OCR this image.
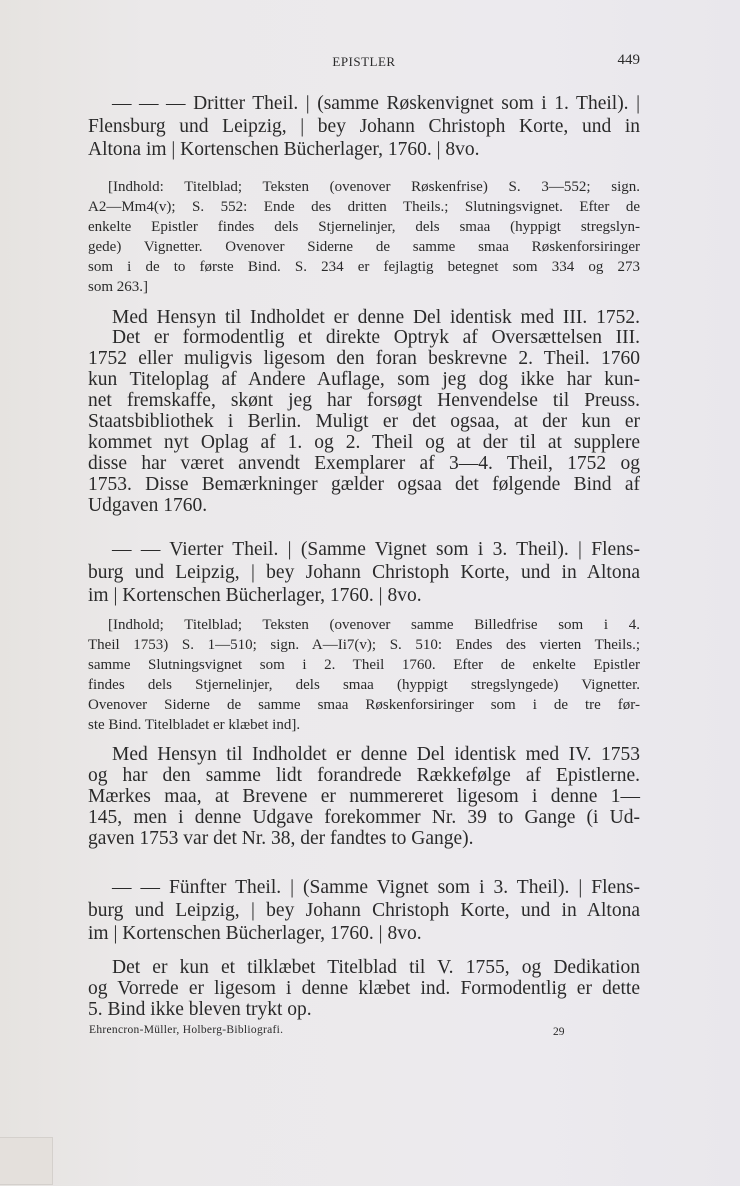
EPISTLER	449
— — — Dritter Theil. | (samme Røskenvignet som i 1. Theil). |
Flensburg und Leipzig, | bey Johann Christoph Korte, und in
Altona im | Kortenschen Bücherlager, 1760. | 8vo.
[Indhold: Titelblad; Teksten (ovenover Røskenfrise) S. 3—552; sign.
A2—Mm4(v); S. 552: Ende des dritten Theils.; Slutningsvignet. Efter de
enkelte Epistler findes dels Stjernelinjer, dels smaa (hyppigt stregslyn-
gede) Vignetter. Ovenover Siderne de samme smaa Røskenforsiringer
som i de to første Bind. S. 234 er fejlagtig betegnet som 334 og 273
som 263.]
Med Hensyn til Indholdet er denne Del identisk med III. 1752.
Det er formodentlig et direkte Optryk af Oversættelsen III.
1752 eller muligvis ligesom den foran beskrevne 2. Theil. 1760
kun Titeloplag af Andere Auflage, som jeg dog ikke har kun-
net fremskaffe, skønt jeg har forsøgt Henvendelse til Preuss.
Staatsbibliothek i Berlin. Muligt er det ogsaa, at der kun er
kommet nyt Oplag af 1. og 2. Theil og at der til at supplere
disse har været anvendt Exemplarer af 3—4. Theil, 1752 og
1753. Disse Bemærkninger gælder ogsaa det følgende Bind af
Udgaven 1760.
— — Vierter Theil. | (Samme Vignet som i 3. Theil). | Flens-
burg und Leipzig, | bey Johann Christoph Korte, und in Altona
im | Kortenschen Bücherlager, 1760. | 8vo.
[Indhold; Titelblad; Teksten (ovenover samme Billedfrise som i 4.
Theil 1753) S. 1—510; sign. A—Ii7(v); S. 510: Endes des vierten Theils.;
samme Slutningsvignet som i 2. Theil 1760. Efter de enkelte Epistler
findes dels Stjernelinjer, dels smaa (hyppigt stregslyngede) Vignetter.
Ovenover Siderne de samme smaa Røskenforsiringer som i de tre før-
ste Bind. Titelbladet er klæbet ind].
Med Hensyn til Indholdet er denne Del identisk med IV. 1753
og har den samme lidt forandrede Rækkefølge af Epistlerne.
Mærkes maa, at Brevene er nummereret ligesom i denne 1—
145, men i denne Udgave forekommer Nr. 39 to Gange (i Ud-
gaven 1753 var det Nr. 38, der fandtes to Gange).
— — Fünfter Theil. | (Samme Vignet som i 3. Theil). | Flens-
burg und Leipzig, | bey Johann Christoph Korte, und in Altona
im | Kortenschen Bücherlager, 1760. | 8vo.
Det er kun et tilklæbet Titelblad til V. 1755, og Dedikation
og Vorrede er ligesom i denne klæbet ind. Formodentlig er dette
5. Bind ikke bleven trykt op.
Ehrencron-Müller, Holberg-Bibliografi.	29
